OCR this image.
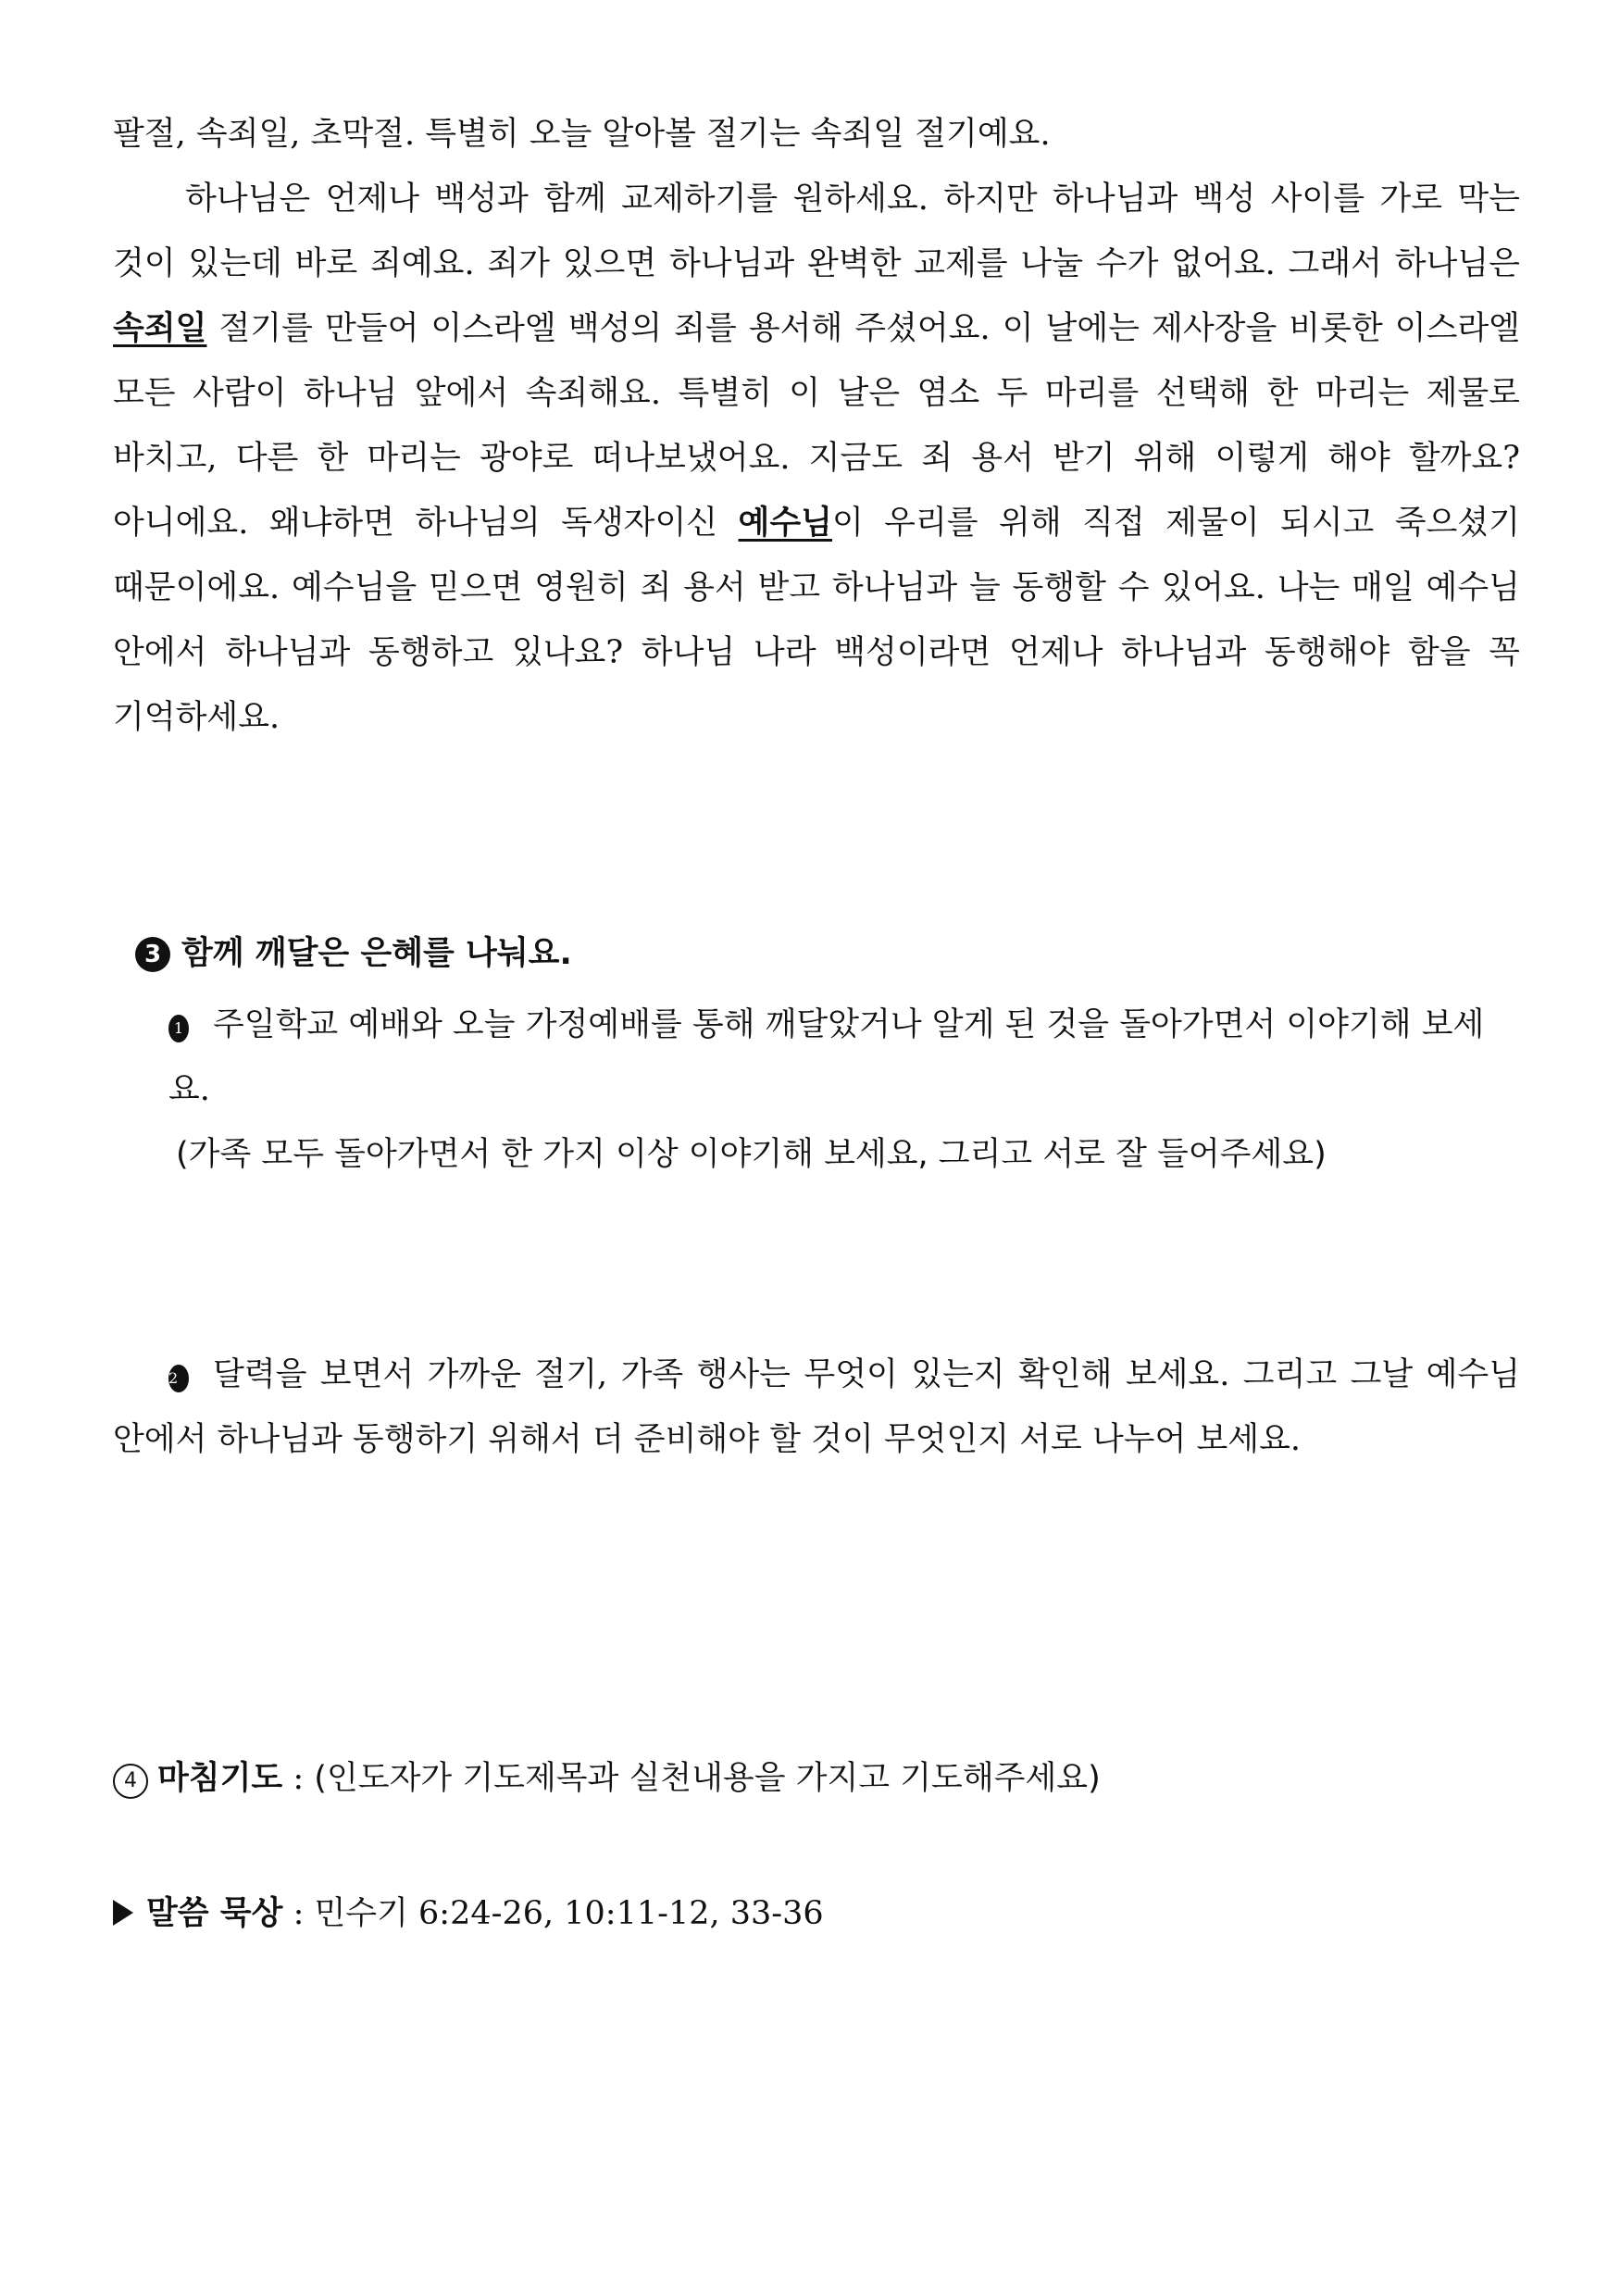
팔절, 속죄일, 초막절. 특별히 오늘 알아볼 절기는 속죄일 절기예요.

하나님은 언제나 백성과 함께 교제하기를 원하세요. 하지만 하나님과 백성 사이를 가로 막는 것이 있는데 바로 죄예요. 죄가 있으면 하나님과 완벽한 교제를 나눌 수가 없어요. 그래서 하나님은 속죄일 절기를 만들어 이스라엘 백성의 죄를 용서해 주셨어요. 이 날에는 제사장을 비롯한 이스라엘 모든 사람이 하나님 앞에서 속죄해요. 특별히 이 날은 염소 두 마리를 선택해 한 마리는 제물로 바치고, 다른 한 마리는 광야로 떠나보냈어요. 지금도 죄 용서 받기 위해 이렇게 해야 할까요? 아니에요. 왜냐하면 하나님의 독생자이신 예수님이 우리를 위해 직접 제물이 되시고 죽으셨기 때문이에요. 예수님을 믿으면 영원히 죄 용서 받고 하나님과 늘 동행할 수 있어요. 나는 매일 예수님 안에서 하나님과 동행하고 있나요? 하나님 나라 백성이라면 언제나 하나님과 동행해야 함을 꼭 기억하세요.

3 함께 깨달은 은혜를 나눠요.

1 주일학교 예배와 오늘 가정예배를 통해 깨달았거나 알게 된 것을 돌아가면서 이야기해 보세요.

(가족 모두 돌아가면서 한 가지 이상 이야기해 보세요, 그리고 서로 잘 들어주세요)

2 달력을 보면서 가까운 절기, 가족 행사는 무엇이 있는지 확인해 보세요. 그리고 그날 예수님 안에서 하나님과 동행하기 위해서 더 준비해야 할 것이 무엇인지 서로 나누어 보세요.

4 마침기도 : (인도자가 기도제목과 실천내용을 가지고 기도해주세요)

말씀 묵상 : 민수기 6:24-26, 10:11-12, 33-36
